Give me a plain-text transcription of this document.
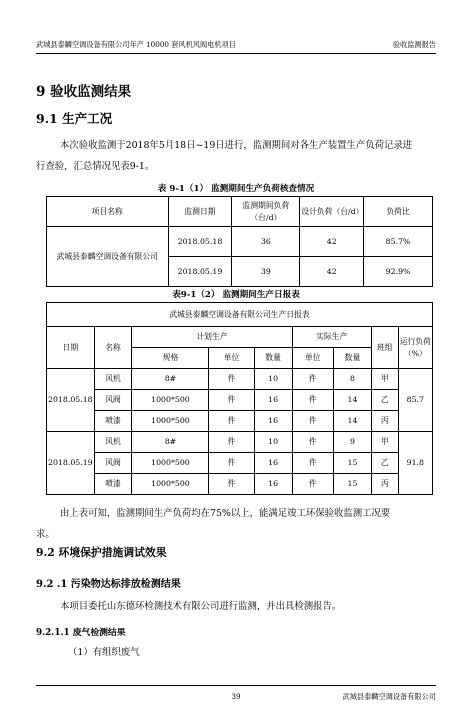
武城县泰麟空调设备有限公司年产 10000 套风机风阀电机项目	验收监测报告
9 验收监测结果
9.1 生产工况
本次验收监测于2018年5月18日~19日进行，监测期间对各生产装置生产负荷记录进
行查验，汇总情况见表9-1。
表 9-1（1） 监测期间生产负荷核查情况
项目名称	监测日期	监测期间负荷（台/d）	设计负荷（台/d）	负荷比
武城县泰麟空调设备有限公司	2018.05.18	36	42	85.7%
	2018.05.19	39	42	92.9%
表9-1（2） 监测期间生产日报表
武城县泰麟空调设备有限公司生产日报表								
日期	名称	计划生产			实际生产		班组	运行负荷（%）
		规格	单位	数量	单位	数量		
2018.05.18	风机	8#	件	10	件	8	甲	85.7
	风阀	1000*500	件	16	件	14	乙	
	喷漆	1000*500	件	16	件	14	丙	
2018.05.19	风机	8#	件	10	件	9	甲	91.8
	风阀	1000*500	件	16	件	15	乙	
	喷漆	1000*500	件	16	件	15	丙	
由上表可知，监测期间生产负荷均在75%以上，能满足竣工环保验收监测工况要
求。
9.2 环境保护措施调试效果
9.2 .1 污染物达标排放检测结果
本项目委托山东德环检测技术有限公司进行监测，并出具检测报告。
9.2.1.1 废气检测结果
（1）有组织废气
39	武城县泰麟空调设备有限公司
